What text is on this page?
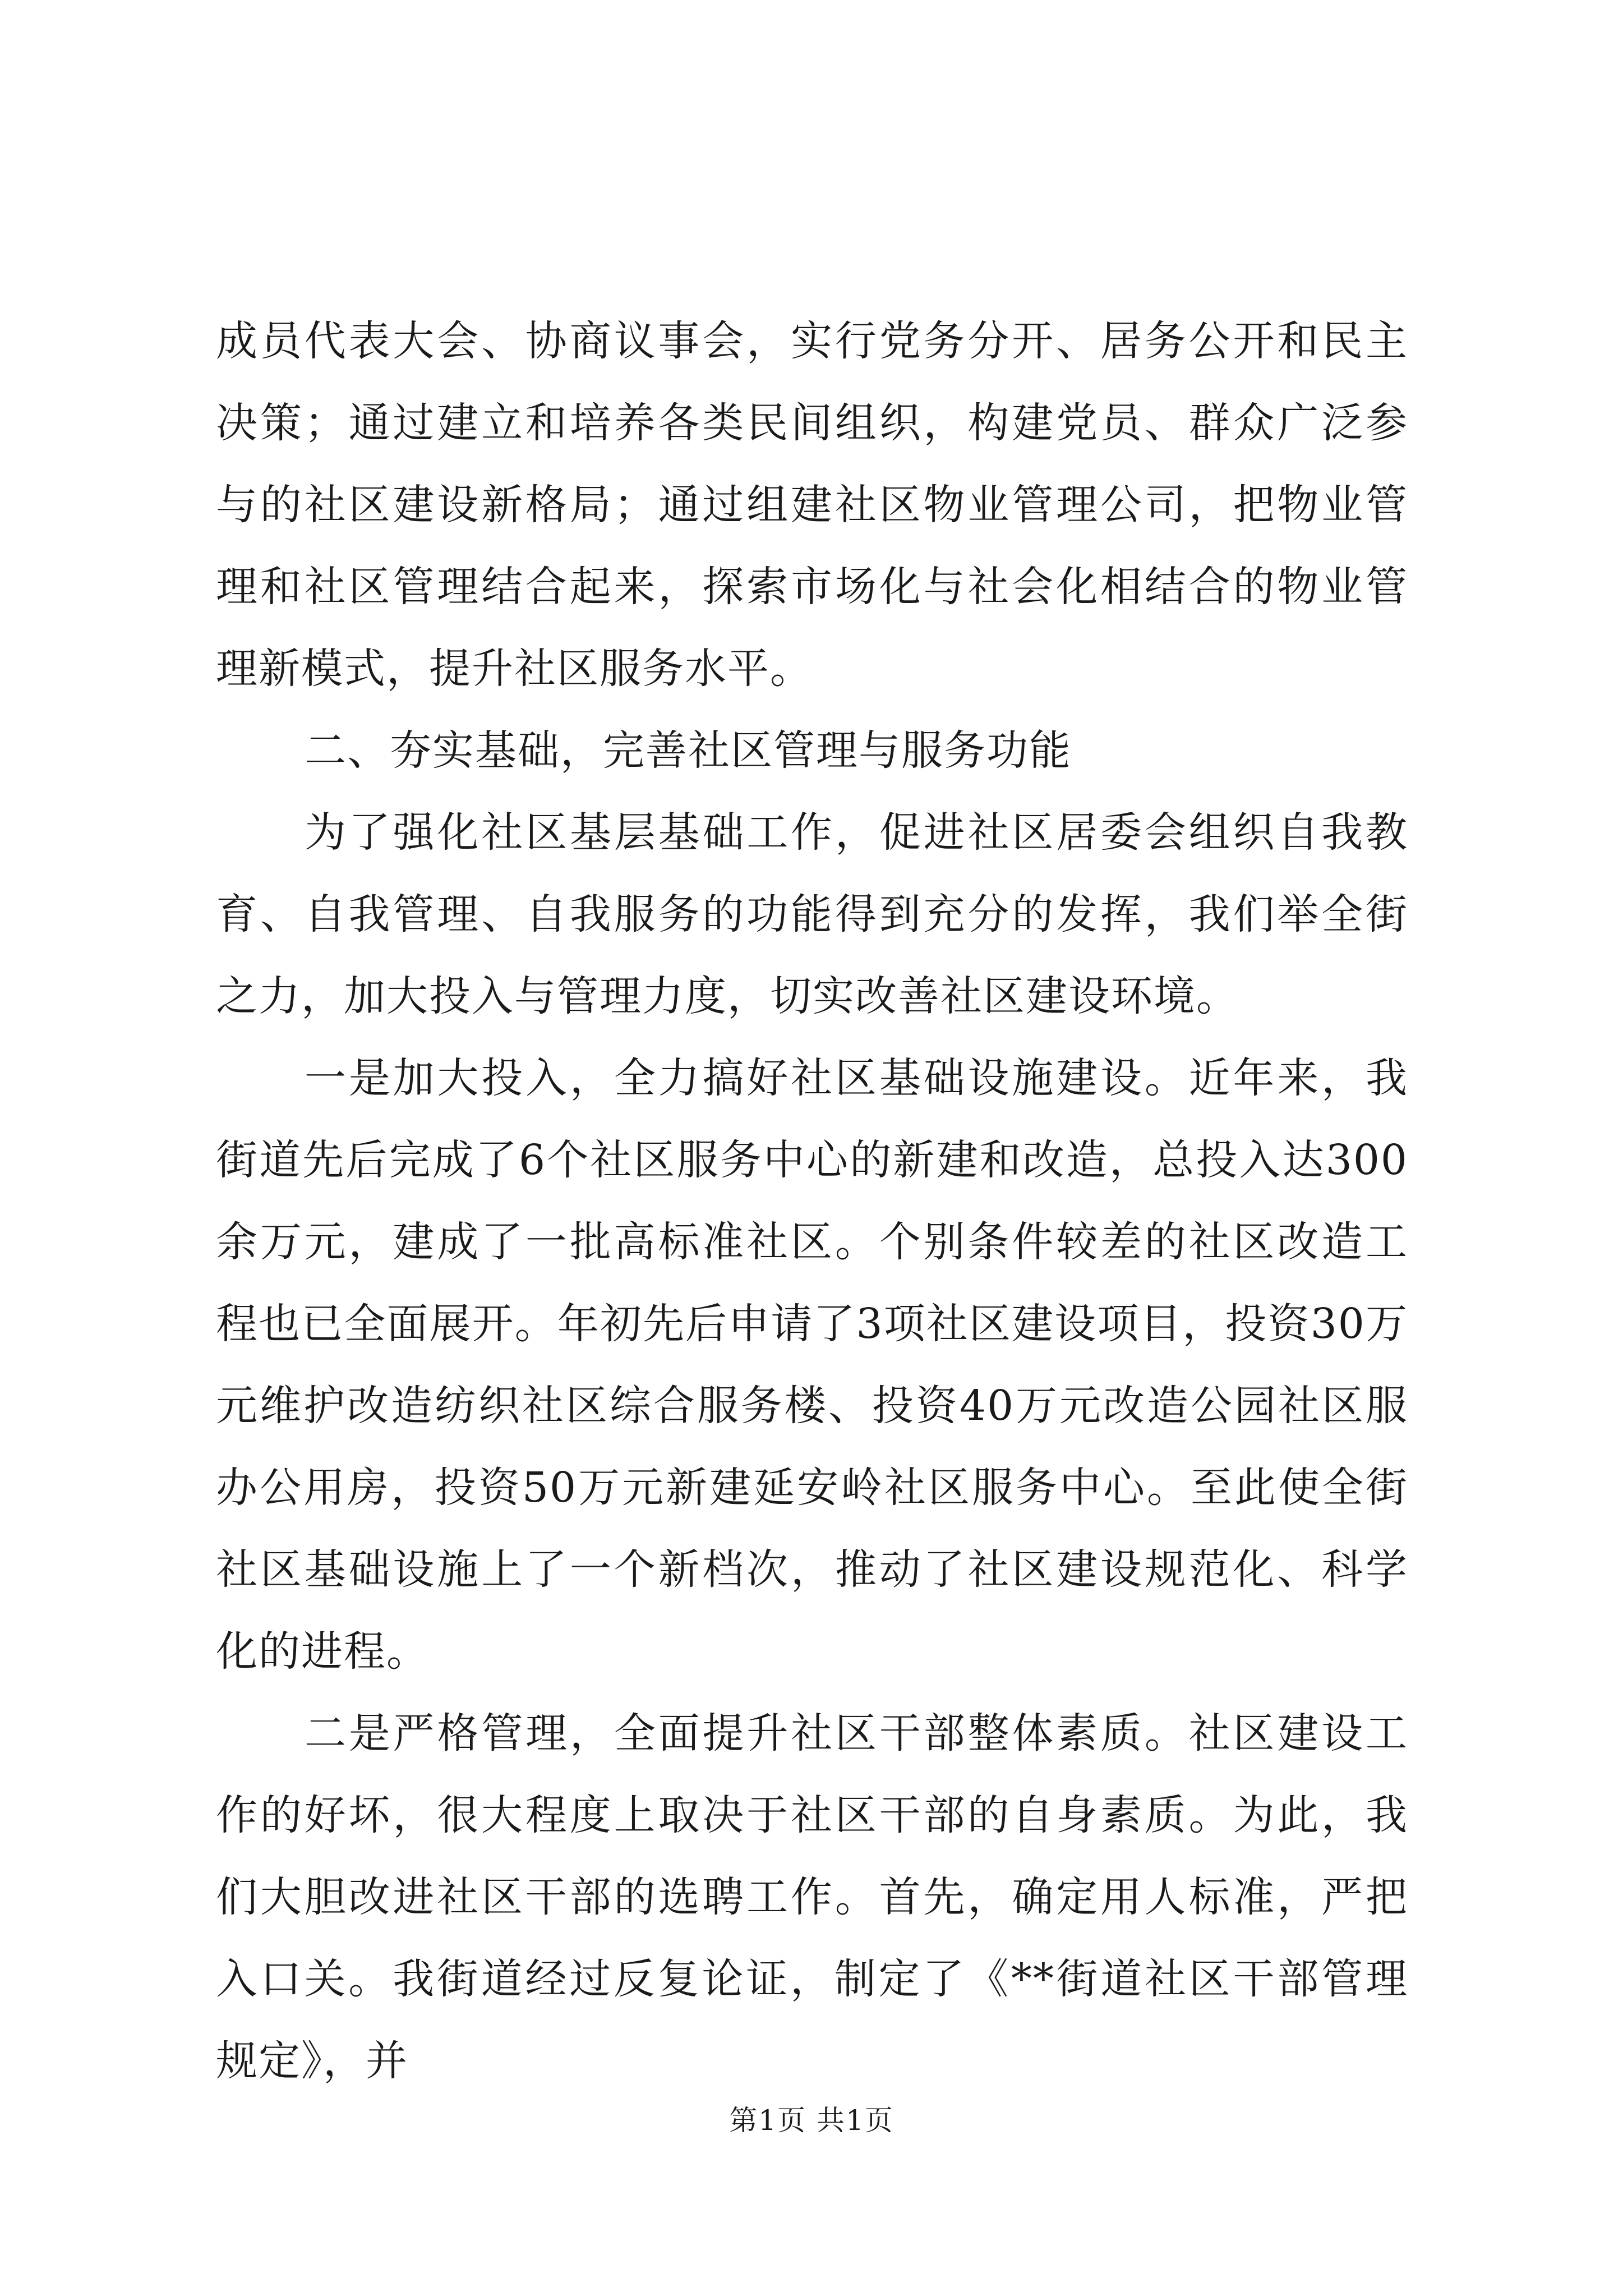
成员代表大会、协商议事会，实行党务分开、居务公开和民主决策；通过建立和培养各类民间组织，构建党员、群众广泛参与的社区建设新格局；通过组建社区物业管理公司，把物业管理和社区管理结合起来，探索市场化与社会化相结合的物业管理新模式，提升社区服务水平。

二、夯实基础，完善社区管理与服务功能

为了强化社区基层基础工作，促进社区居委会组织自我教育、自我管理、自我服务的功能得到充分的发挥，我们举全街之力，加大投入与管理力度，切实改善社区建设环境。

一是加大投入，全力搞好社区基础设施建设。近年来，我街道先后完成了6个社区服务中心的新建和改造，总投入达300余万元，建成了一批高标准社区。个别条件较差的社区改造工程也已全面展开。年初先后申请了3项社区建设项目，投资30万元维护改造纺织社区综合服务楼、投资40万元改造公园社区服办公用房，投资50万元新建延安岭社区服务中心。至此使全街社区基础设施上了一个新档次，推动了社区建设规范化、科学化的进程。

二是严格管理，全面提升社区干部整体素质。社区建设工作的好坏，很大程度上取决于社区干部的自身素质。为此，我们大胆改进社区干部的选聘工作。首先，确定用人标准，严把入口关。我街道经过反复论证，制定了《**街道社区干部管理规定》，并

第1页 共1页
